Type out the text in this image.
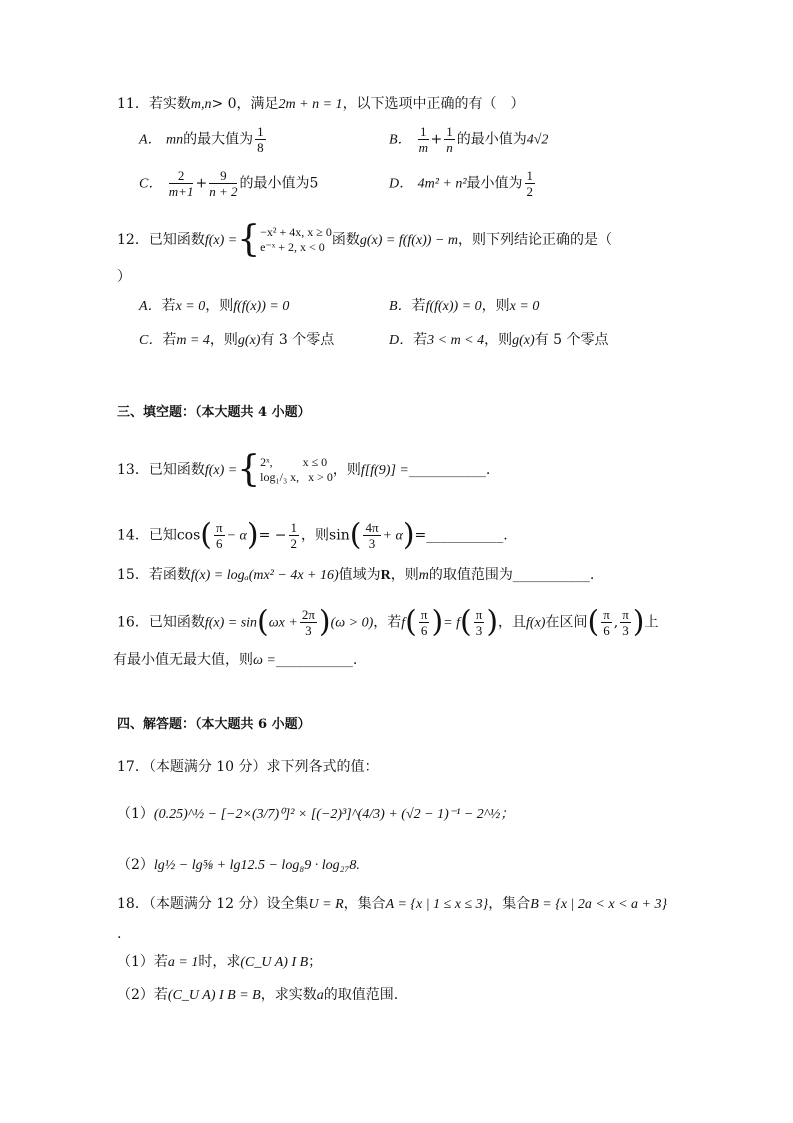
11．若实数m,n> 0，满足2m + n = 1，以下选项中正确的有（　）
A． mn的最大值为 $\frac{1}{8}$	B． $\frac{1}{m} + \frac{1}{n}$ 的最小值为4√2
C． $\frac{2}{m+1} + \frac{9}{n + 2}$ 的最小值为5	D． 4m² + n²最小值为 $\frac{1}{2}$
12．已知函数f(x) ={ −x² + 4x, x ≥ 0
e⁻ˣ + 2, x < 0 函数g(x) = f(f(x)) − m，则下列结论正确的是（
）
A．若x = 0，则f(f(x)) = 0	B．若f(f(x)) = 0，则x = 0
C．若m = 4，则g(x)有 3 个零点	D．若3 < m < 4，则g(x)有 5 个零点
三、填空题：（本大题共 4 小题）
13．已知函数f(x) ={ 2ˣ,          x ≤ 0
log₁/₃ x,   x > 0 ，则f[f(9)] =___________.
14．已知$\cos( \frac{\pi}{6} - \alpha)= - \frac{1}{2}$ ，则$\sin( \frac{4\pi}{3}$ + α)=___________.
15．若函数f(x) = logₐ(mx² − 4x + 16)值域为R，则m的取值范围为___________.
16．已知函数$f(x) = \sin(\omega x + \frac{2\pi}{3} )(\omega > 0)$，若$f( \frac{\pi}{6}$ )= $f( \frac{\pi}{3}$ )，且f(x)在区间( $\frac{\pi}{6}$ , $\frac{\pi}{3}$ )上
有最小值无最大值，则ω =___________.
四、解答题：（本大题共 6 小题）
17．（本题满分 10 分）求下列各式的值：
（1）(0.25)^½ − [−2×(3/7)⁰]² × [(−2)³]^(4/3) + (√2 − 1)⁻¹ − 2^½；
（2）lg½ − lg⅝ + lg12.5 − log₈9 · log₂₇8.
18．（本题满分 12 分）设全集U = R，集合A = {x | 1 ≤ x ≤ 3}，集合B = {x | 2a < x < a + 3}
.
（1）若a = 1时，求(C_U A) I B；
（2）若(C_U A) I B = B，求实数a的取值范围.
